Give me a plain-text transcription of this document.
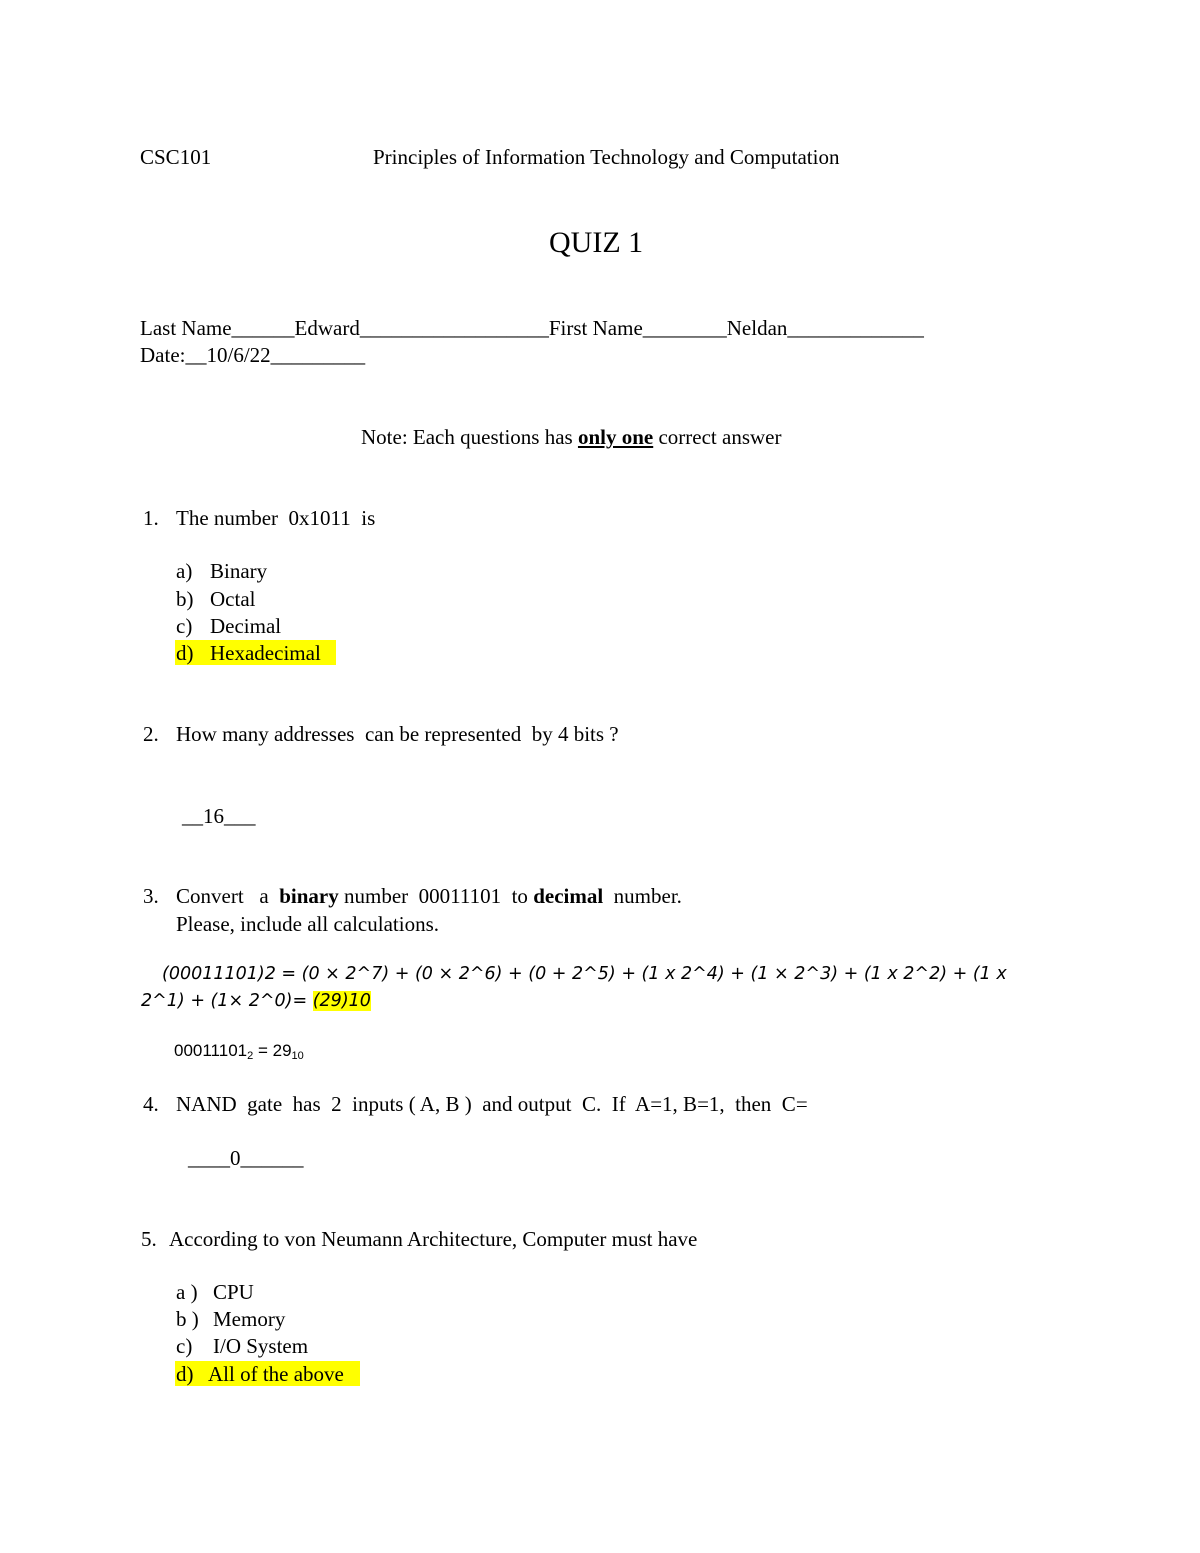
CSC101	Principles of Information Technology and Computation
QUIZ 1
Last Name______Edward__________________First Name________Neldan_____________
Date:__10/6/22_________
Note: Each questions has only one correct answer
1. The number  0x1011  is
a) Binary
b) Octal
c) Decimal
d) Hexadecimal
2. How many addresses  can be represented  by 4 bits ?
__16___
3. Convert   a  binary number  00011101  to decimal  number.
Please, include all calculations.
(00011101)2 = (0 × 2^7) + (0 × 2^6) + (0 + 2^5) + (1 x 2^4) + (1 × 2^3) + (1 x 2^2) + (1 x
2^1) + (1× 2^0)= (29)10
$00011101_2 = 29_{10}$
4. NAND  gate  has  2  inputs ( A, B )  and output  C.  If  A=1, B=1,  then  C=
____0______
5. According to von Neumann Architecture, Computer must have
a ) CPU
b ) Memory
c) I/O System
d) All of the above
